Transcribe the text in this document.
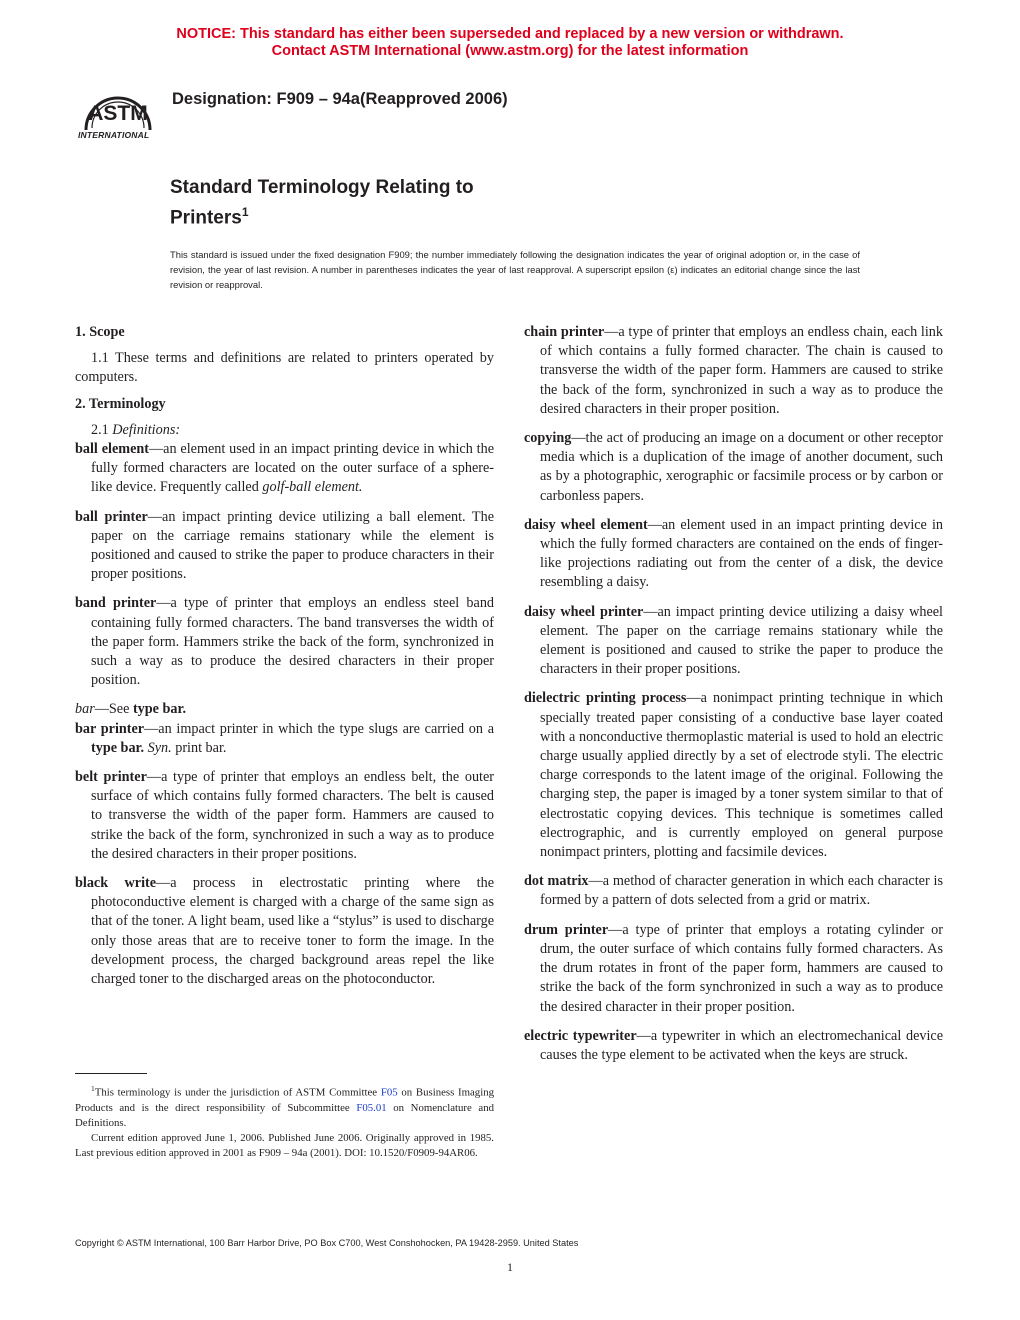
NOTICE: This standard has either been superseded and replaced by a new version or withdrawn.
Contact ASTM International (www.astm.org) for the latest information
ASTM
INTERNATIONAL
Designation: F909 – 94a(Reapproved 2006)
Standard Terminology Relating to
Printers$^1$
This standard is issued under the fixed designation F909; the number immediately following the designation indicates the year of original adoption or, in the case of revision, the year of last revision. A number in parentheses indicates the year of last reapproval. A superscript epsilon (ε) indicates an editorial change since the last revision or reapproval.
1. Scope
1.1 These terms and definitions are related to printers operated by computers.
2. Terminology
2.1 Definitions:
ball element—an element used in an impact printing device in which the fully formed characters are located on the outer surface of a sphere-like device. Frequently called golf-ball element.
ball printer—an impact printing device utilizing a ball element. The paper on the carriage remains stationary while the element is positioned and caused to strike the paper to produce characters in their proper positions.
band printer—a type of printer that employs an endless steel band containing fully formed characters. The band transverses the width of the paper form. Hammers strike the back of the form, synchronized in such a way as to produce the desired characters in their proper position.
bar—See type bar.
bar printer—an impact printer in which the type slugs are carried on a type bar. Syn. print bar.
belt printer—a type of printer that employs an endless belt, the outer surface of which contains fully formed characters. The belt is caused to transverse the width of the paper form. Hammers are caused to strike the back of the form, synchronized in such a way as to produce the desired characters in their proper positions.
black write—a process in electrostatic printing where the photoconductive element is charged with a charge of the same sign as that of the toner. A light beam, used like a “stylus” is used to discharge only those areas that are to receive toner to form the image. In the development process, the charged background areas repel the like charged toner to the discharged areas on the photoconductor.

$^1$This terminology is under the jurisdiction of ASTM Committee F05 on Business Imaging Products and is the direct responsibility of Subcommittee F05.01 on Nomenclature and Definitions.

Current edition approved June 1, 2006. Published June 2006. Originally approved in 1985. Last previous edition approved in 2001 as F909 – 94a (2001). DOI: 10.1520/F0909-94AR06.

chain printer—a type of printer that employs an endless chain, each link of which contains a fully formed character. The chain is caused to transverse the width of the paper form. Hammers are caused to strike the back of the form, synchronized in such a way as to produce the desired characters in their proper position.
copying—the act of producing an image on a document or other receptor media which is a duplication of the image of another document, such as by a photographic, xerographic or facsimile process or by carbon or carbonless papers.
daisy wheel element—an element used in an impact printing device in which the fully formed characters are contained on the ends of finger-like projections radiating out from the center of a disk, the device resembling a daisy.
daisy wheel printer—an impact printing device utilizing a daisy wheel element. The paper on the carriage remains stationary while the element is positioned and caused to strike the paper to produce the characters in their proper positions.
dielectric printing process—a nonimpact printing technique in which specially treated paper consisting of a conductive base layer coated with a nonconductive thermoplastic material is used to hold an electric charge usually applied directly by a set of electrode styli. The electric charge corresponds to the latent image of the original. Following the charging step, the paper is imaged by a toner system similar to that of electrostatic copying devices. This technique is sometimes called electrographic, and is currently employed on general purpose nonimpact printers, plotting and facsimile devices.
dot matrix—a method of character generation in which each character is formed by a pattern of dots selected from a grid or matrix.
drum printer—a type of printer that employs a rotating cylinder or drum, the outer surface of which contains fully formed characters. As the drum rotates in front of the paper form, hammers are caused to strike the back of the form synchronized in such a way as to produce the desired character in their proper position.
electric typewriter—a typewriter in which an electromechanical device causes the type element to be activated when the keys are struck.
Copyright © ASTM International, 100 Barr Harbor Drive, PO Box C700, West Conshohocken, PA 19428-2959. United States
1
